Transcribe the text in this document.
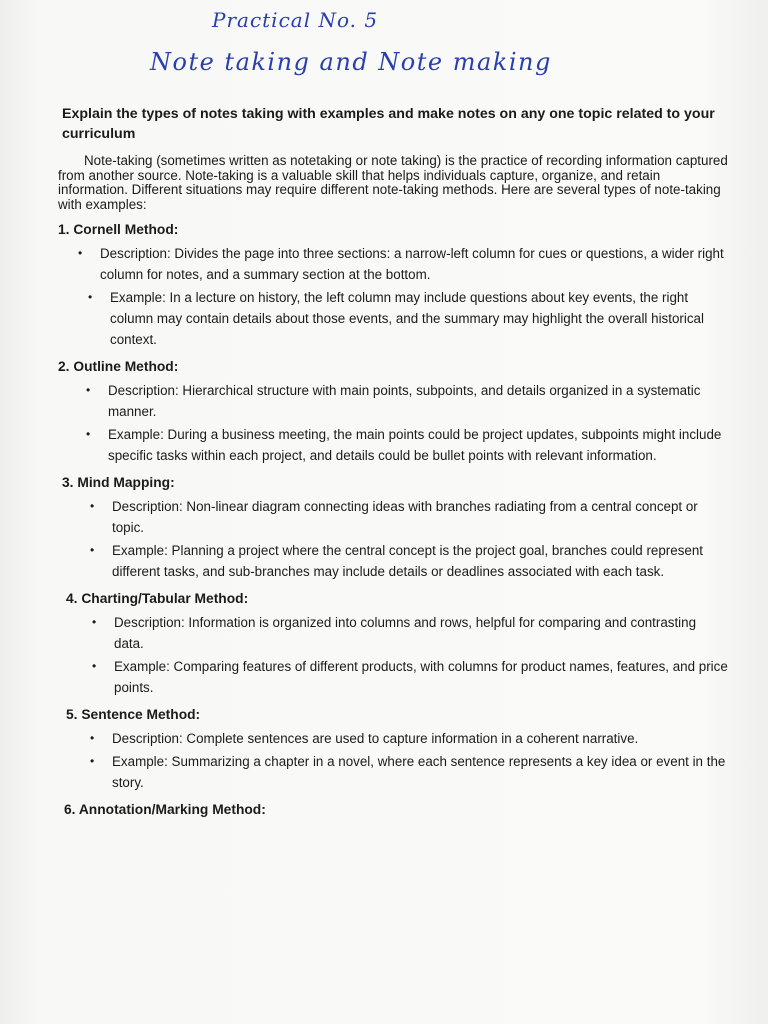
Practical No. 5
Note taking and Note making

Explain the types of notes taking with examples and make notes on any one topic related to your curriculum

Note-taking (sometimes written as notetaking or note taking) is the practice of recording information captured from another source. Note-taking is a valuable skill that helps individuals capture, organize, and retain information. Different situations may require different note-taking methods. Here are several types of note-taking with examples:

1. Cornell Method:
•	Description: Divides the page into three sections: a narrow-left column for cues or questions, a wider right column for notes, and a summary section at the bottom.
•	Example: In a lecture on history, the left column may include questions about key events, the right column may contain details about those events, and the summary may highlight the overall historical context.
2. Outline Method:
•	Description: Hierarchical structure with main points, subpoints, and details organized in a systematic manner.
•	Example: During a business meeting, the main points could be project updates, subpoints might include specific tasks within each project, and details could be bullet points with relevant information.
3. Mind Mapping:
•	Description: Non-linear diagram connecting ideas with branches radiating from a central concept or topic.
•	Example: Planning a project where the central concept is the project goal, branches could represent different tasks, and sub-branches may include details or deadlines associated with each task.
4. Charting/Tabular Method:
•	Description: Information is organized into columns and rows, helpful for comparing and contrasting data.
•	Example: Comparing features of different products, with columns for product names, features, and price points.
5. Sentence Method:
•	Description: Complete sentences are used to capture information in a coherent narrative.
•	Example: Summarizing a chapter in a novel, where each sentence represents a key idea or event in the story.
6. Annotation/Marking Method:
